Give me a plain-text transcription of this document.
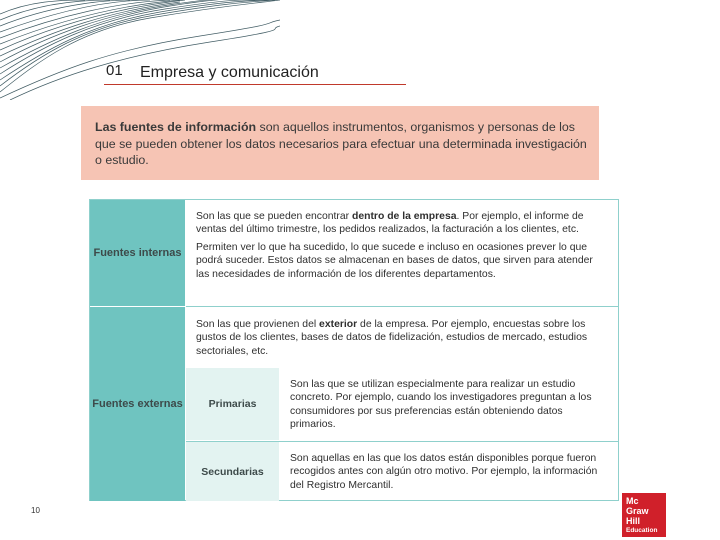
01 Empresa y comunicación
Las fuentes de información son aquellos instrumentos, organismos y personas de los que se pueden obtener los datos necesarios para efectuar una determinada investigación o estudio.
Fuentes internas

Son las que se pueden encontrar dentro de la empresa. Por ejemplo, el informe de ventas del último trimestre, los pedidos realizados, la facturación a los clientes, etc.

Permiten ver lo que ha sucedido, lo que sucede e incluso en ocasiones prever lo que podrá suceder. Estos datos se almacenan en bases de datos, que sirven para atender las necesidades de información de los diferentes departamentos.

Fuentes externas
Son las que provienen del exterior de la empresa. Por ejemplo, encuestas sobre los gustos de los clientes, bases de datos de fidelización, estudios de mercado, estudios sectoriales, etc.
Primarias
Son las que se utilizan especialmente para realizar un estudio concreto. Por ejemplo, cuando los investigadores preguntan a los consumidores por sus preferencias están obteniendo datos primarios.
Secundarias
Son aquellas en las que los datos están disponibles porque fueron recogidos antes con algún otro motivo. Por ejemplo, la información del Registro Mercantil.
10
Mc
Graw
Hill
Education
